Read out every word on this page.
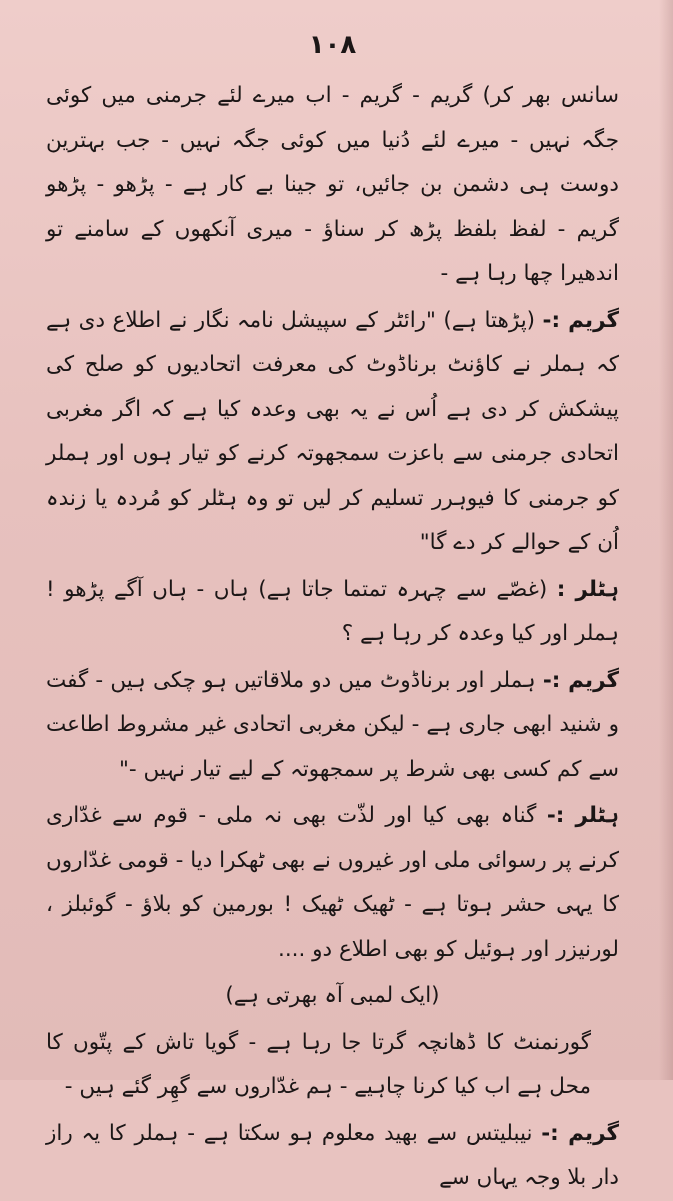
۱۰۸

سانس بھر کر) گریم - گریم - اب میرے لئے جرمنی میں کوئی جگہ نہیں - میرے لئے دُنیا میں کوئی جگہ نہیں - جب بہترین دوست ہی دشمن بن جائیں، تو جینا بے کار ہے - پڑھو - پڑھو گریم - لفظ بلفظ پڑھ کر سناؤ - میری آنکھوں کے سامنے تو اندھیرا چھا رہا ہے -

گریم :- (پڑھتا ہے) "رائٹر کے سپیشل نامہ نگار نے اطلاع دی ہے کہ ہملر نے کاؤنٹ برناڈوٹ کی معرفت اتحادیوں کو صلح کی پیشکش کر دی ہے اُس نے یہ بھی وعدہ کیا ہے کہ اگر مغربی اتحادی جرمنی سے باعزت سمجھوتہ کرنے کو تیار ہوں اور ہملر کو جرمنی کا فیوہرر تسلیم کر لیں تو وہ ہٹلر کو مُردہ یا زندہ اُن کے حوالے کر دے گا"

ہٹلر : (غصّے سے چہرہ تمتما جاتا ہے) ہاں - ہاں آگے پڑھو ! ہملر اور کیا وعدہ کر رہا ہے ؟

گریم :- ہملر اور برناڈوٹ میں دو ملاقاتیں ہو چکی ہیں - گفت و شنید ابھی جاری ہے - لیکن مغربی اتحادی غیر مشروط اطاعت سے کم کسی بھی شرط پر سمجھوتہ کے لیے تیار نہیں -"

ہٹلر :- گناہ بھی کیا اور لذّت بھی نہ ملی - قوم سے غدّاری کرنے پر رسوائی ملی اور غیروں نے بھی ٹھکرا دیا - قومی غدّاروں کا یہی حشر ہوتا ہے - ٹھیک ٹھیک ! بورمین کو بلاؤ - گوئبلز ، لورنیزر اور ہوئیل کو بھی اطلاع دو ....

(ایک لمبی آہ بھرتی ہے)

گورنمنٹ کا ڈھانچہ گرتا جا رہا ہے - گویا تاش کے پتّوں کا محل ہے اب کیا کرنا چاہیے - ہم غدّاروں سے گھِر گئے ہیں -

گریم :- نیبلیتس سے بھید معلوم ہو سکتا ہے - ہملر کا یہ راز دار بلا وجہ یہاں سے
